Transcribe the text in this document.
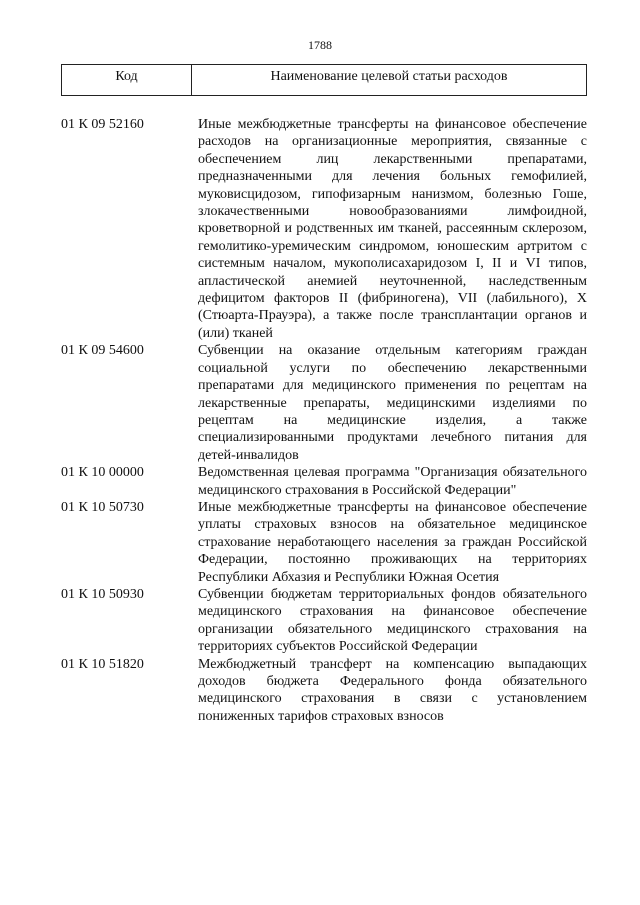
1788
Код	Наименование целевой статьи расходов
01 К 09 52160	Иные межбюджетные трансферты на финансовое обеспечение расходов на организационные мероприятия, связанные с обеспечением лиц лекарственными препаратами, предназначенными для лечения больных гемофилией, муковисцидозом, гипофизарным нанизмом, болезнью Гоше, злокачественными новообразованиями лимфоидной, кроветворной и родственных им тканей, рассеянным склерозом, гемолитико-уремическим синдромом, юношеским артритом с системным началом, мукополисахаридозом I, II и VI типов, апластической анемией неуточненной, наследственным дефицитом факторов II (фибриногена), VII (лабильного), X (Стюарта-Прауэра), а также после трансплантации органов и (или) тканей
01 К 09 54600	Субвенции на оказание отдельным категориям граждан социальной услуги по обеспечению лекарственными препаратами для медицинского применения по рецептам на лекарственные препараты, медицинскими изделиями по рецептам на медицинские изделия, а также специализированными продуктами лечебного питания для детей-инвалидов
01 К 10 00000	Ведомственная целевая программа "Организация обязательного медицинского страхования в Российской Федерации"
01 К 10 50730	Иные межбюджетные трансферты на финансовое обеспечение уплаты страховых взносов на обязательное медицинское страхование неработающего населения за граждан Российской Федерации, постоянно проживающих на территориях Республики Абхазия и Республики Южная Осетия
01 К 10 50930	Субвенции бюджетам территориальных фондов обязательного медицинского страхования на финансовое обеспечение организации обязательного медицинского страхования на территориях субъектов Российской Федерации
01 К 10 51820	Межбюджетный трансферт на компенсацию выпадающих доходов бюджета Федерального фонда обязательного медицинского страхования в связи с установлением пониженных тарифов страховых взносов
